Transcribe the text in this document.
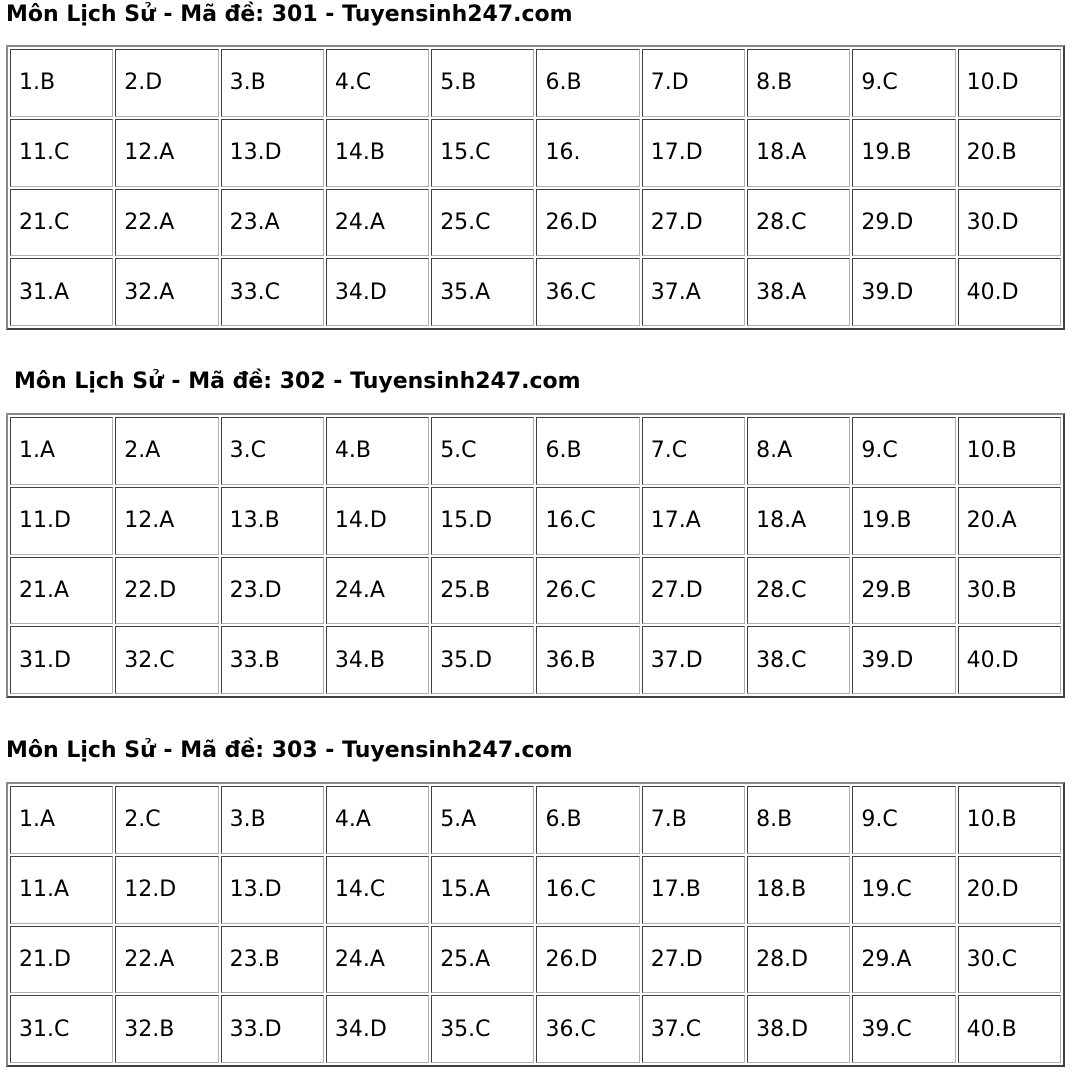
Môn Lịch Sử - Mã đề: 301 - Tuyensinh247.com
1.B	2.D	3.B	4.C	5.B	6.B	7.D	8.B	9.C	10.D
11.C	12.A	13.D	14.B	15.C	16.	17.D	18.A	19.B	20.B
21.C	22.A	23.A	24.A	25.C	26.D	27.D	28.C	29.D	30.D
31.A	32.A	33.C	34.D	35.A	36.C	37.A	38.A	39.D	40.D
Môn Lịch Sử - Mã đề: 302 - Tuyensinh247.com
1.A	2.A	3.C	4.B	5.C	6.B	7.C	8.A	9.C	10.B
11.D	12.A	13.B	14.D	15.D	16.C	17.A	18.A	19.B	20.A
21.A	22.D	23.D	24.A	25.B	26.C	27.D	28.C	29.B	30.B
31.D	32.C	33.B	34.B	35.D	36.B	37.D	38.C	39.D	40.D
Môn Lịch Sử - Mã đề: 303 - Tuyensinh247.com
1.A	2.C	3.B	4.A	5.A	6.B	7.B	8.B	9.C	10.B
11.A	12.D	13.D	14.C	15.A	16.C	17.B	18.B	19.C	20.D
21.D	22.A	23.B	24.A	25.A	26.D	27.D	28.D	29.A	30.C
31.C	32.B	33.D	34.D	35.C	36.C	37.C	38.D	39.C	40.B
